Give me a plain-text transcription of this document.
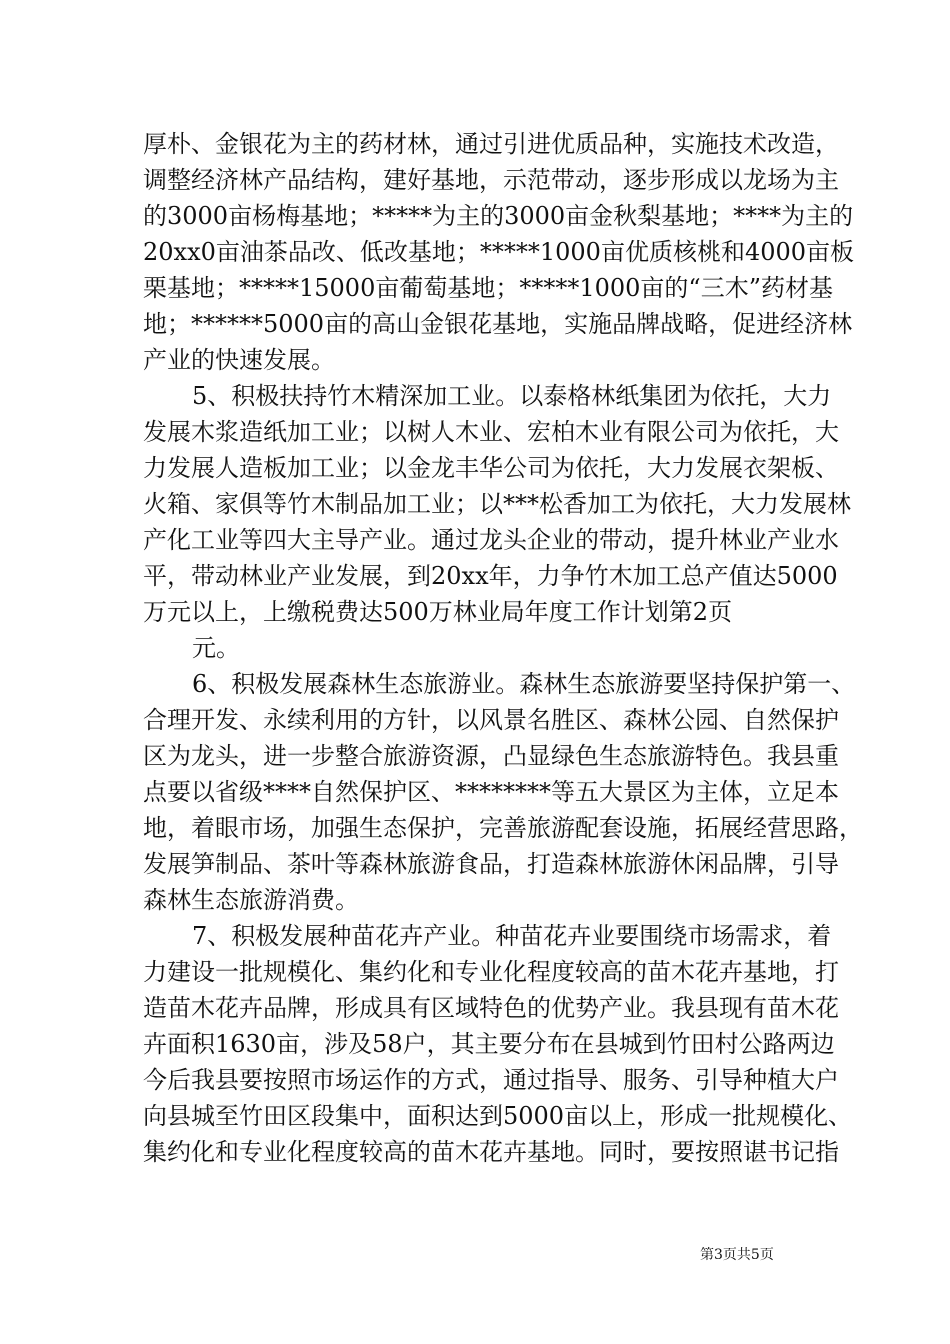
厚朴、金银花为主的药材林，通过引进优质品种，实施技术改造，
调整经济林产品结构，建好基地，示范带动，逐步形成以龙场为主
的3000亩杨梅基地；*****为主的3000亩金秋梨基地；****为主的
20xx0亩油茶品改、低改基地；*****1000亩优质核桃和4000亩板
栗基地；*****15000亩葡萄基地；*****1000亩的“三木”药材基
地；******5000亩的高山金银花基地，实施品牌战略，促进经济林
产业的快速发展。
5、积极扶持竹木精深加工业。以泰格林纸集团为依托，大力
发展木浆造纸加工业；以树人木业、宏柏木业有限公司为依托，大
力发展人造板加工业；以金龙丰华公司为依托，大力发展衣架板、
火箱、家俱等竹木制品加工业；以***松香加工为依托，大力发展林
产化工业等四大主导产业。通过龙头企业的带动，提升林业产业水
平，带动林业产业发展，到20xx年，力争竹木加工总产值达5000
万元以上，上缴税费达500万林业局年度工作计划第2页
元。
6、积极发展森林生态旅游业。森林生态旅游要坚持保护第一、
合理开发、永续利用的方针，以风景名胜区、森林公园、自然保护
区为龙头，进一步整合旅游资源，凸显绿色生态旅游特色。我县重
点要以省级****自然保护区、********等五大景区为主体，立足本
地，着眼市场，加强生态保护，完善旅游配套设施，拓展经营思路，
发展笋制品、茶叶等森林旅游食品，打造森林旅游休闲品牌，引导
森林生态旅游消费。
7、积极发展种苗花卉产业。种苗花卉业要围绕市场需求，着
力建设一批规模化、集约化和专业化程度较高的苗木花卉基地，打
造苗木花卉品牌，形成具有区域特色的优势产业。我县现有苗木花
卉面积1630亩，涉及58户，其主要分布在县城到竹田村公路两边
今后我县要按照市场运作的方式，通过指导、服务、引导种植大户
向县城至竹田区段集中，面积达到5000亩以上，形成一批规模化、
集约化和专业化程度较高的苗木花卉基地。同时，要按照谌书记指
第3页共5页
